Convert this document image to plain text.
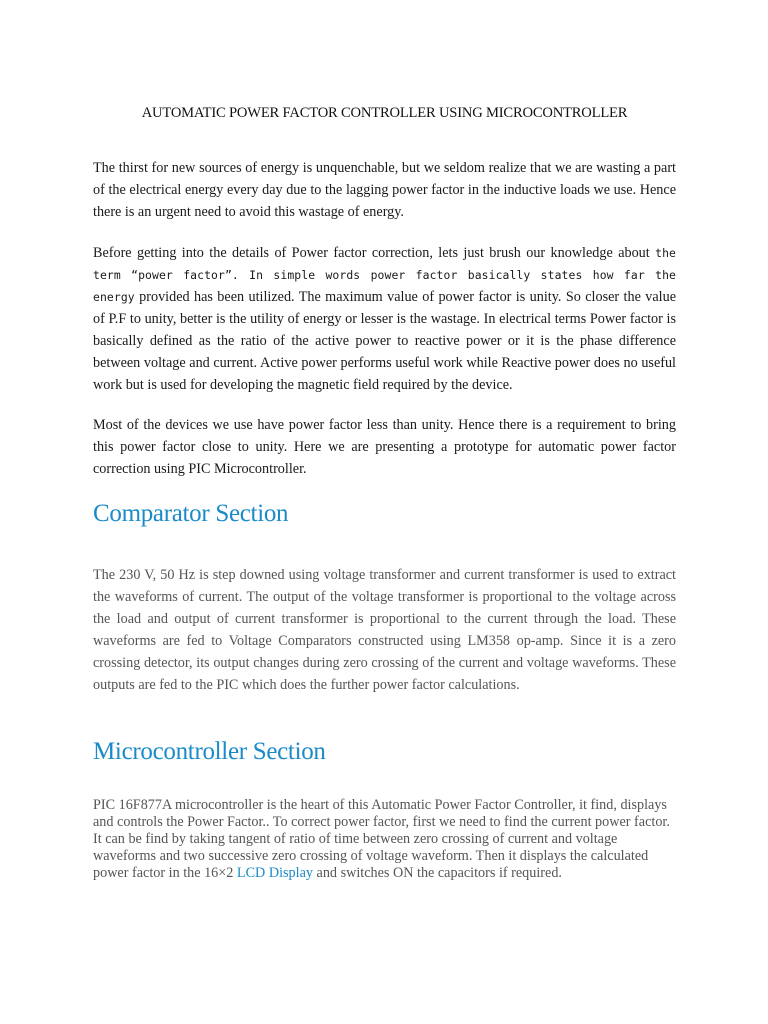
AUTOMATIC POWER FACTOR CONTROLLER USING MICROCONTROLLER

The thirst for new sources of energy is unquenchable, but we seldom realize that we are wasting a part of the electrical energy every day due to the lagging power factor in the inductive loads we use. Hence there is an urgent need to avoid this wastage of energy.

Before getting into the details of Power factor correction, lets just brush our knowledge about the term “power factor”. In simple words power factor basically states how far the energy provided has been utilized. The maximum value of power factor is unity. So closer the value of P.F to unity, better is the utility of energy or lesser is the wastage. In electrical terms Power factor is basically defined as the ratio of the active power to reactive power or it is the phase difference between voltage and current. Active power performs useful work while Reactive power does no useful work but is used for developing the magnetic field required by the device.

Most of the devices we use have power factor less than unity. Hence there is a requirement to bring this power factor close to unity. Here we are presenting a prototype for automatic power factor correction using PIC Microcontroller.

Comparator Section

The 230 V, 50 Hz is step downed using voltage transformer and current transformer is used to extract the waveforms of current. The output of the voltage transformer is proportional to the voltage across the load and output of current transformer is proportional to the current through the load. These waveforms are fed to Voltage Comparators constructed using LM358 op-amp. Since it is a zero crossing detector, its output changes during zero crossing of the current and voltage waveforms. These outputs are fed to the PIC which does the further power factor calculations.

Microcontroller Section

PIC 16F877A microcontroller is the heart of this Automatic Power Factor Controller, it find, displays and controls the Power Factor.. To correct power factor, first we need to find the current power factor. It can be find by taking tangent of ratio of time between zero crossing of current and voltage waveforms and two successive zero crossing of voltage waveform. Then it displays the calculated power factor in the 16×2 LCD Display and switches ON the capacitors if required.
